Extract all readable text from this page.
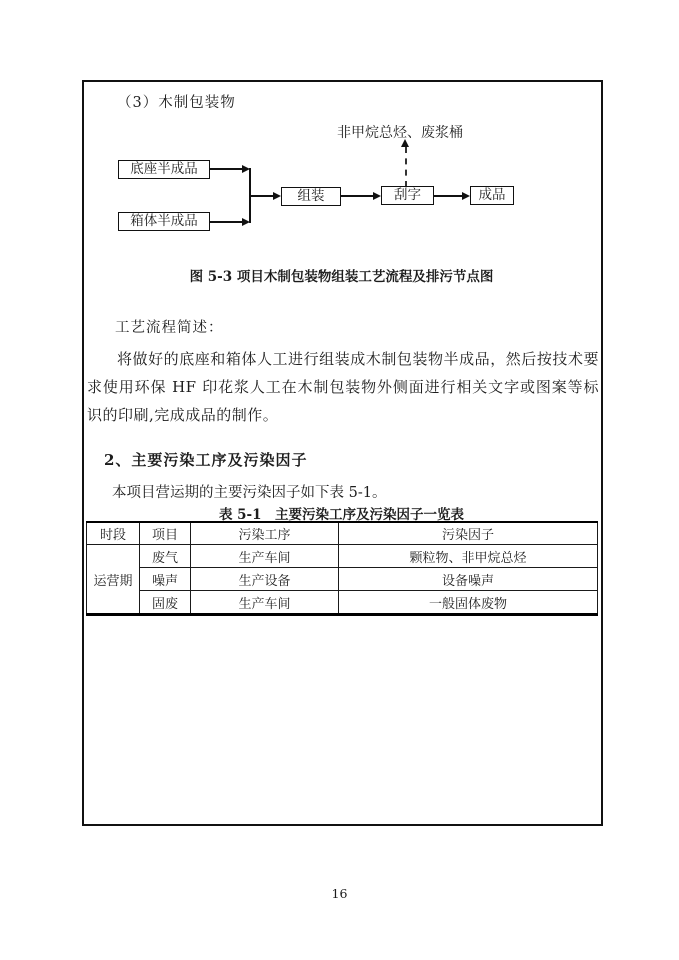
（3）木制包装物
非甲烷总烃、废浆桶
底座半成品
箱体半成品
组装	刮字	成品
图 5-3 项目木制包装物组装工艺流程及排污节点图
工艺流程简述：
将做好的底座和箱体人工进行组装成木制包装物半成品，然后按技术要求使用环保 HF 印花浆人工在木制包装物外侧面进行相关文字或图案等标识的印刷,完成成品的制作。
2、主要污染工序及污染因子
本项目营运期的主要污染因子如下表 5-1。
表 5-1　主要污染工序及污染因子一览表
时段	项目	污染工序	污染因子
运营期	废气	生产车间	颗粒物、非甲烷总烃
	噪声	生产设备	设备噪声
	固废	生产车间	一般固体废物
16
